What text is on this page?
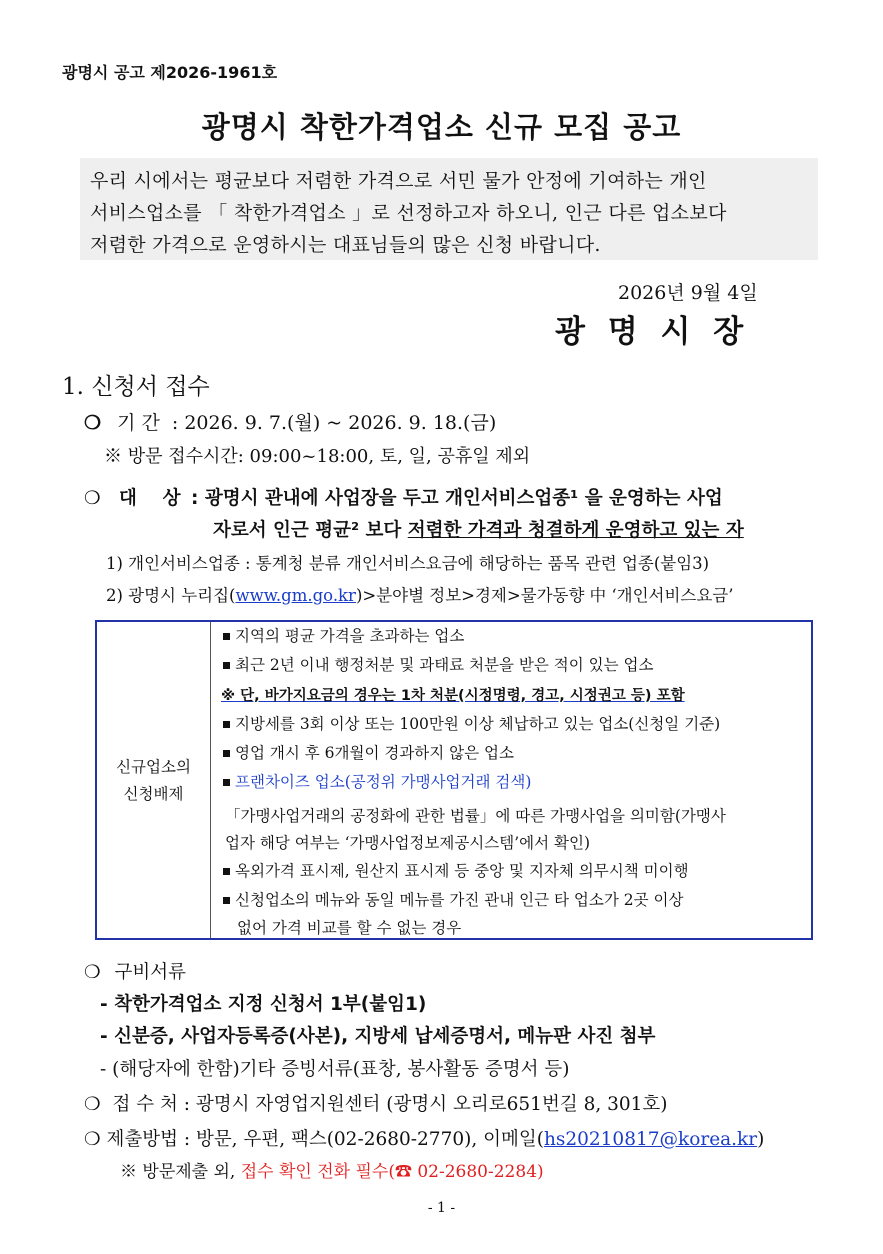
광명시 공고 제2026-1961호
광명시 착한가격업소 신규 모집 공고
우리 시에서는 평균보다 저렴한 가격으로 서민 물가 안정에 기여하는 개인
서비스업소를 「 착한가격업소 」로 선정하고자 하오니, 인근 다른 업소보다
저렴한 가격으로 운영하시는 대표님들의 많은 신청 바랍니다.
2026년 9월 4일
광 명 시 장
1. 신청서 접수
❍ 기 간 : 2026. 9. 7.(월) ~ 2026. 9. 18.(금)
※ 방문 접수시간: 09:00~18:00, 토, 일, 공휴일 제외
❍ 대    상 : 광명시 관내에 사업장을 두고 개인서비스업종¹ 을 운영하는 사업
자로서 인근 평균² 보다 저렴한 가격과 청결하게 운영하고 있는 자
1) 개인서비스업종 : 통계청 분류 개인서비스요금에 해당하는 품목 관련 업종(붙임3)
2) 광명시 누리집(www.gm.go.kr)>분야별 정보>경제>물가동향 中 ‘개인서비스요금’
신규업소의
신청배제
지역의 평균 가격을 초과하는 업소
최근 2년 이내 행정처분 및 과태료 처분을 받은 적이 있는 업소
※ 단, 바가지요금의 경우는 1차 처분(시정명령, 경고, 시정권고 등) 포함
지방세를 3회 이상 또는 100만원 이상 체납하고 있는 업소(신청일 기준)
영업 개시 후 6개월이 경과하지 않은 업소
프랜차이즈 업소(공정위 가맹사업거래 검색)
「가맹사업거래의 공정화에 관한 법률」에 따른 가맹사업을 의미함(가맹사
업자 해당 여부는 ‘가맹사업정보제공시스템’에서 확인)
옥외가격 표시제, 원산지 표시제 등 중앙 및 지자체 의무시책 미이행
신청업소의 메뉴와 동일 메뉴를 가진 관내 인근 타 업소가 2곳 이상
없어 가격 비교를 할 수 없는 경우
❍ 구비서류
- 착한가격업소 지정 신청서 1부(붙임1)
- 신분증, 사업자등록증(사본), 지방세 납세증명서, 메뉴판 사진 첨부
- (해당자에 한함)기타 증빙서류(표창, 봉사활동 증명서 등)
❍ 접 수 처 : 광명시 자영업지원센터 (광명시 오리로651번길 8, 301호)
❍ 제출방법 : 방문, 우편, 팩스(02-2680-2770), 이메일(hs20210817@korea.kr)
※ 방문제출 외, 접수 확인 전화 필수(☎ 02-2680-2284)
- 1 -
